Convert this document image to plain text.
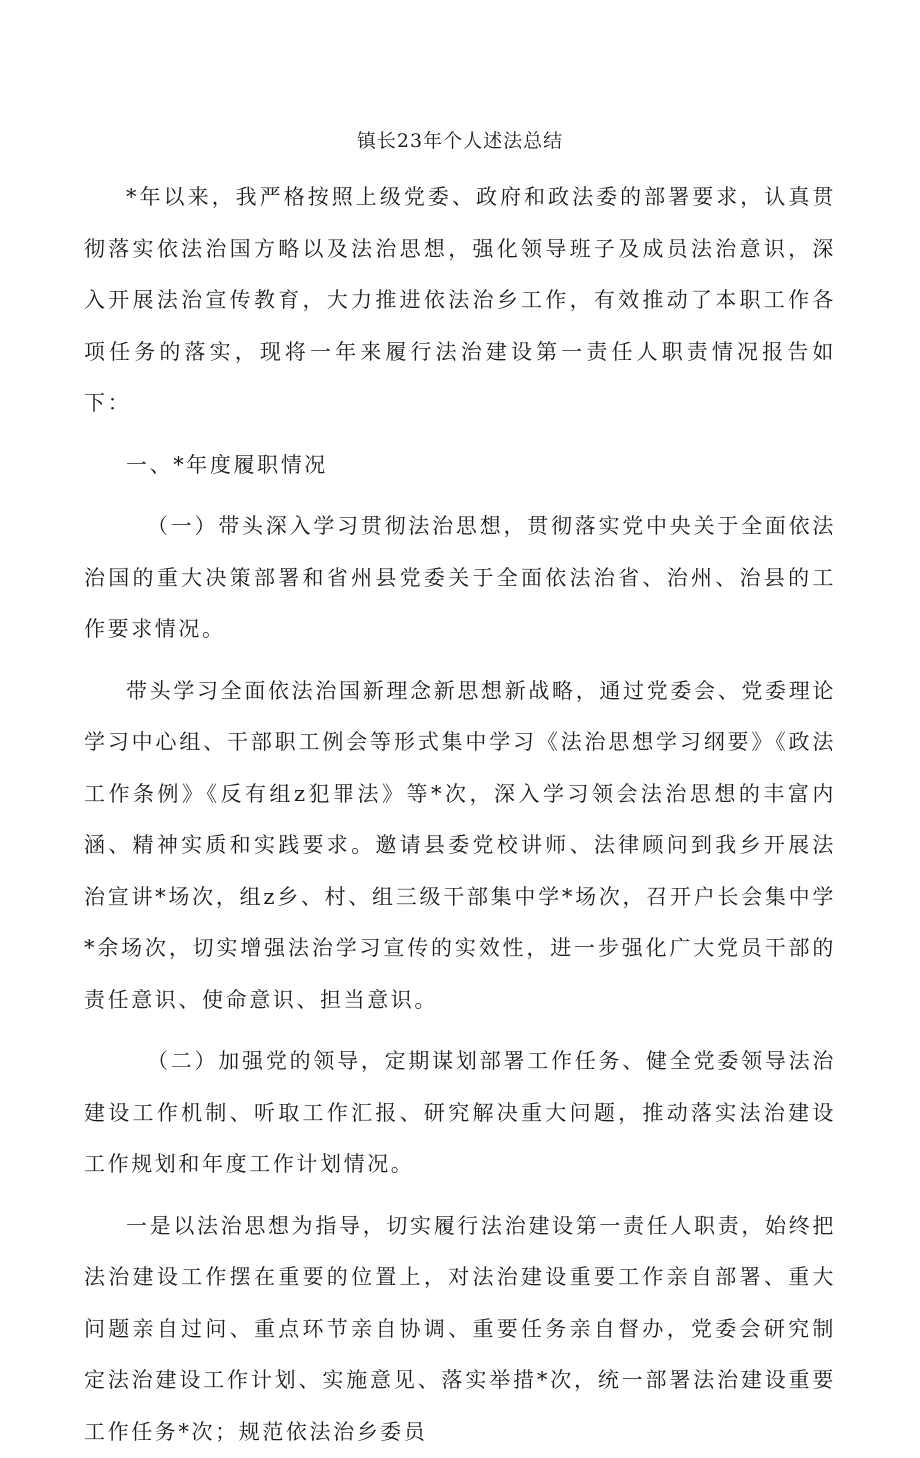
镇长23年个人述法总结

*年以来，我严格按照上级党委、政府和政法委的部署要求，认真贯彻落实依法治国方略以及法治思想，强化领导班子及成员法治意识，深入开展法治宣传教育，大力推进依法治乡工作，有效推动了本职工作各项任务的落实，现将一年来履行法治建设第一责任人职责情况报告如下：

一、*年度履职情况

（一）带头深入学习贯彻法治思想，贯彻落实党中央关于全面依法治国的重大决策部署和省州县党委关于全面依法治省、治州、治县的工作要求情况。

带头学习全面依法治国新理念新思想新战略，通过党委会、党委理论学习中心组、干部职工例会等形式集中学习《法治思想学习纲要》《政法工作条例》《反有组z犯罪法》等*次，深入学习领会法治思想的丰富内涵、精神实质和实践要求。邀请县委党校讲师、法律顾问到我乡开展法治宣讲*场次，组z乡、村、组三级干部集中学*场次，召开户长会集中学*余场次，切实增强法治学习宣传的实效性，进一步强化广大党员干部的责任意识、使命意识、担当意识。

（二）加强党的领导，定期谋划部署工作任务、健全党委领导法治建设工作机制、听取工作汇报、研究解决重大问题，推动落实法治建设工作规划和年度工作计划情况。

一是以法治思想为指导，切实履行法治建设第一责任人职责，始终把法治建设工作摆在重要的位置上，对法治建设重要工作亲自部署、重大问题亲自过问、重点环节亲自协调、重要任务亲自督办，党委会研究制定法治建设工作计划、实施意见、落实举措*次，统一部署法治建设重要工作任务*次；规范依法治乡委员
